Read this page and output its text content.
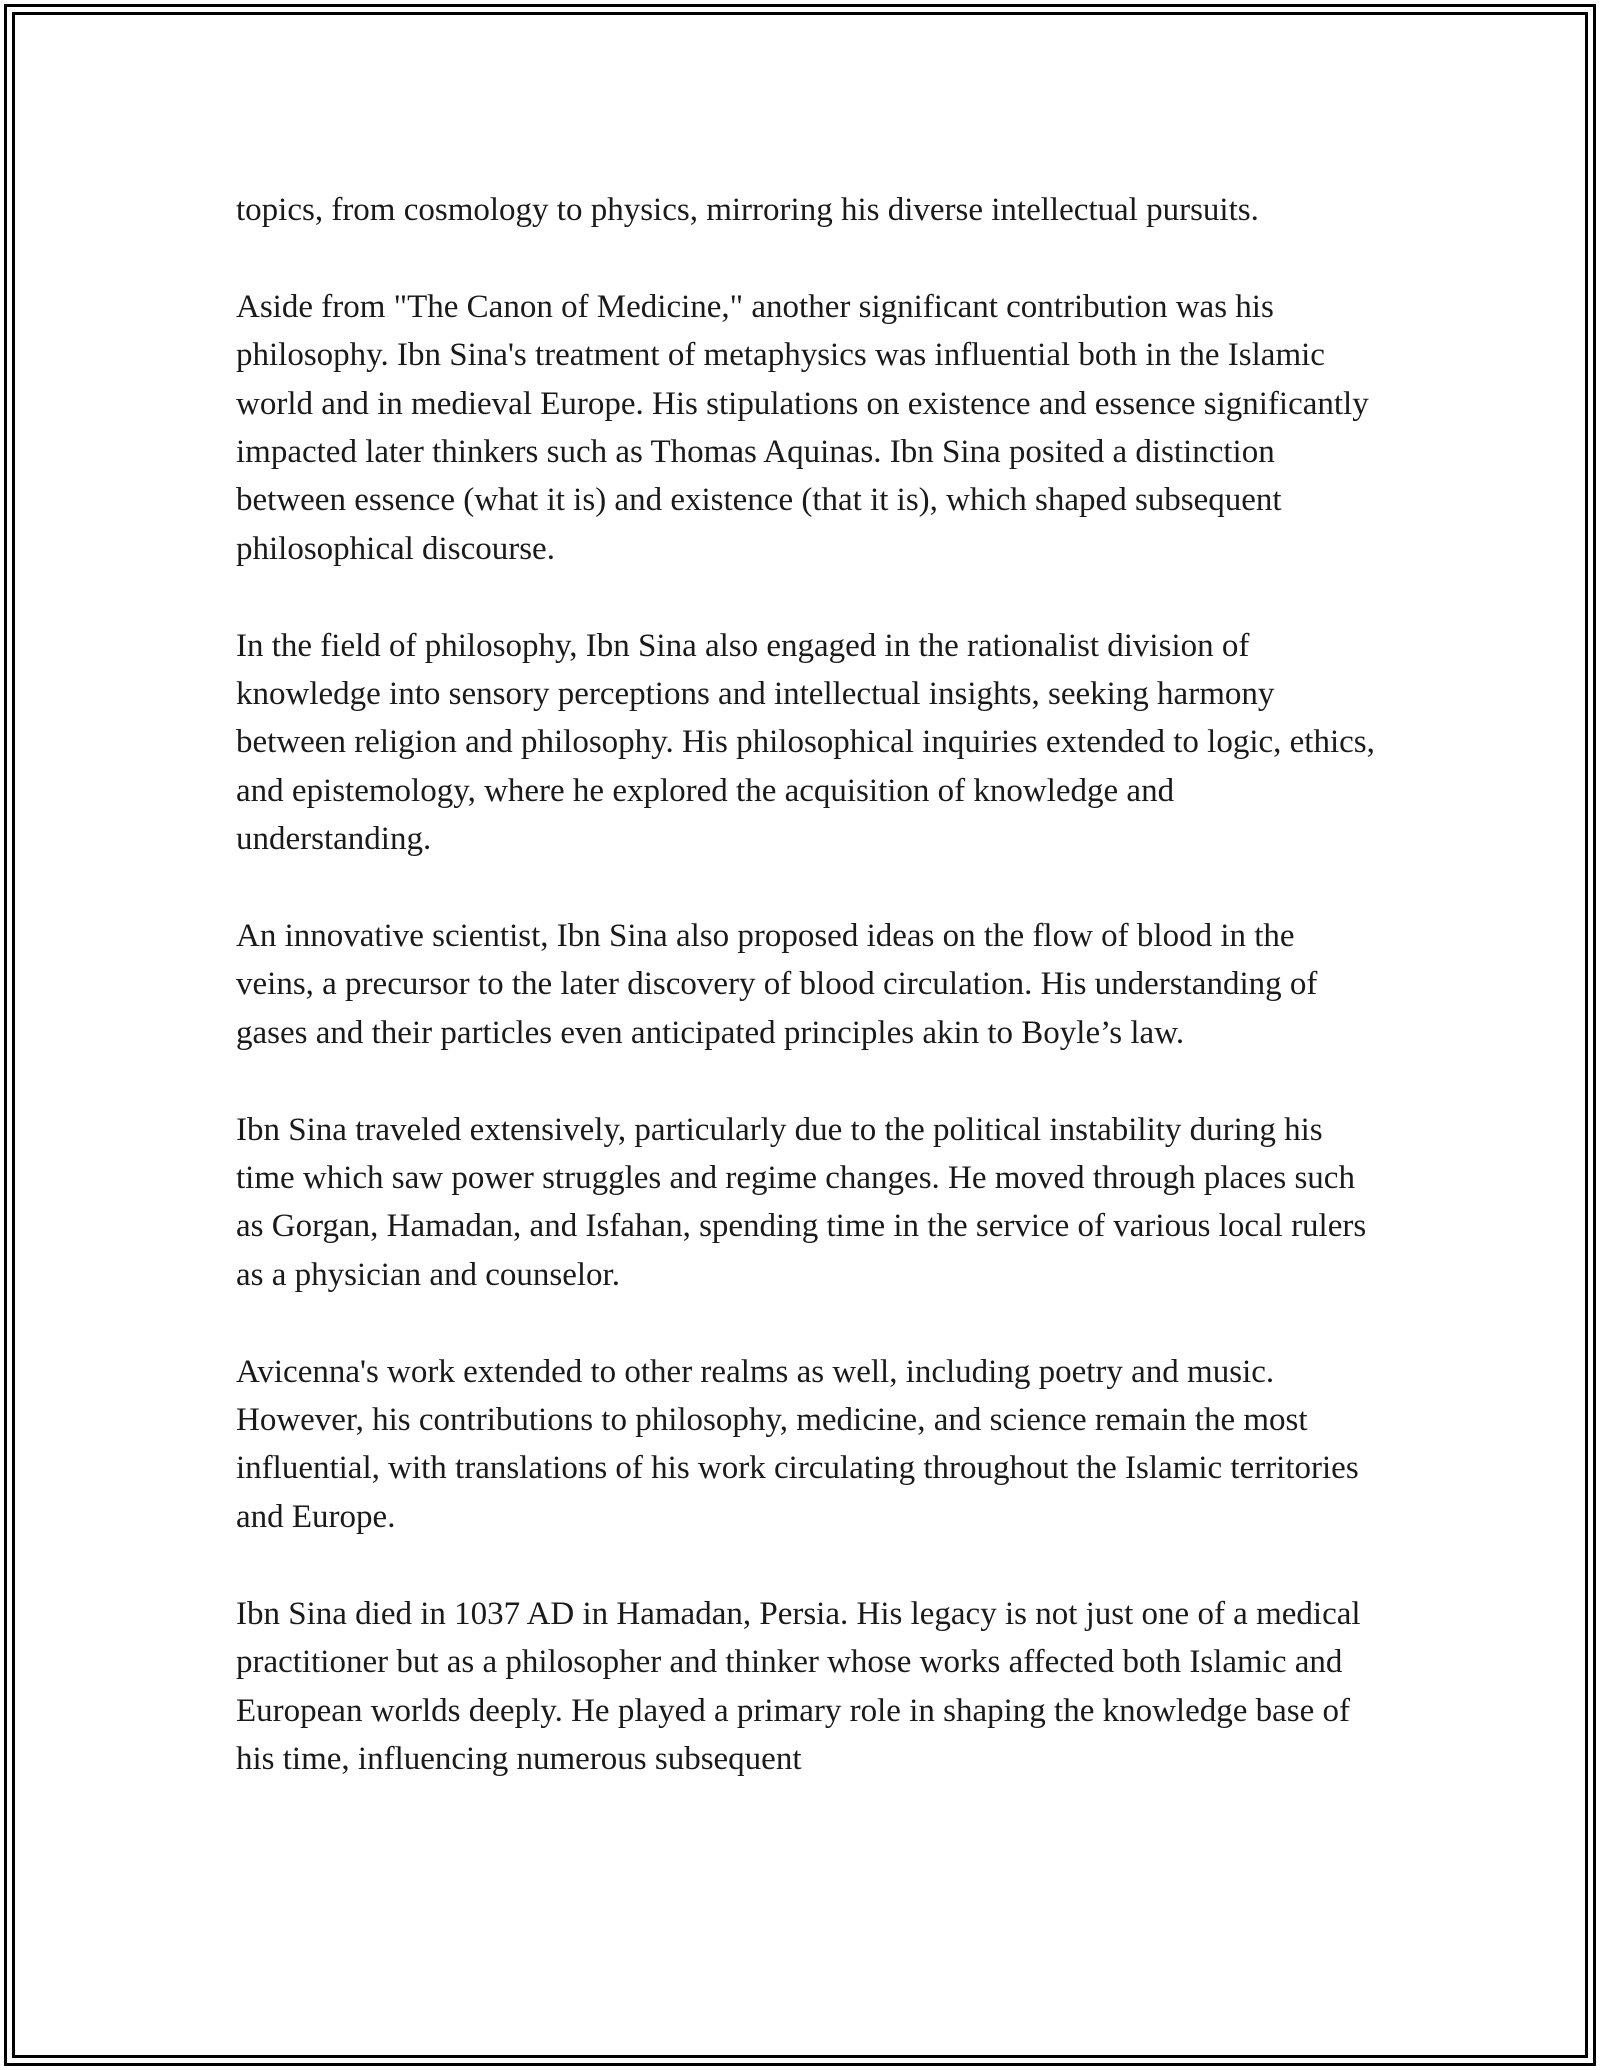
topics, from cosmology to physics, mirroring his diverse intellectual pursuits.

Aside from "The Canon of Medicine," another significant contribution was his philosophy. Ibn Sina's treatment of metaphysics was influential both in the Islamic world and in medieval Europe. His stipulations on existence and essence significantly impacted later thinkers such as Thomas Aquinas. Ibn Sina posited a distinction between essence (what it is) and existence (that it is), which shaped subsequent philosophical discourse.

In the field of philosophy, Ibn Sina also engaged in the rationalist division of knowledge into sensory perceptions and intellectual insights, seeking harmony between religion and philosophy. His philosophical inquiries extended to logic, ethics, and epistemology, where he explored the acquisition of knowledge and understanding.

An innovative scientist, Ibn Sina also proposed ideas on the flow of blood in the veins, a precursor to the later discovery of blood circulation. His understanding of gases and their particles even anticipated principles akin to Boyle’s law.

Ibn Sina traveled extensively, particularly due to the political instability during his time which saw power struggles and regime changes. He moved through places such as Gorgan, Hamadan, and Isfahan, spending time in the service of various local rulers as a physician and counselor.

Avicenna's work extended to other realms as well, including poetry and music. However, his contributions to philosophy, medicine, and science remain the most influential, with translations of his work circulating throughout the Islamic territories and Europe.

Ibn Sina died in 1037 AD in Hamadan, Persia. His legacy is not just one of a medical practitioner but as a philosopher and thinker whose works affected both Islamic and European worlds deeply. He played a primary role in shaping the knowledge base of his time, influencing numerous subsequent
